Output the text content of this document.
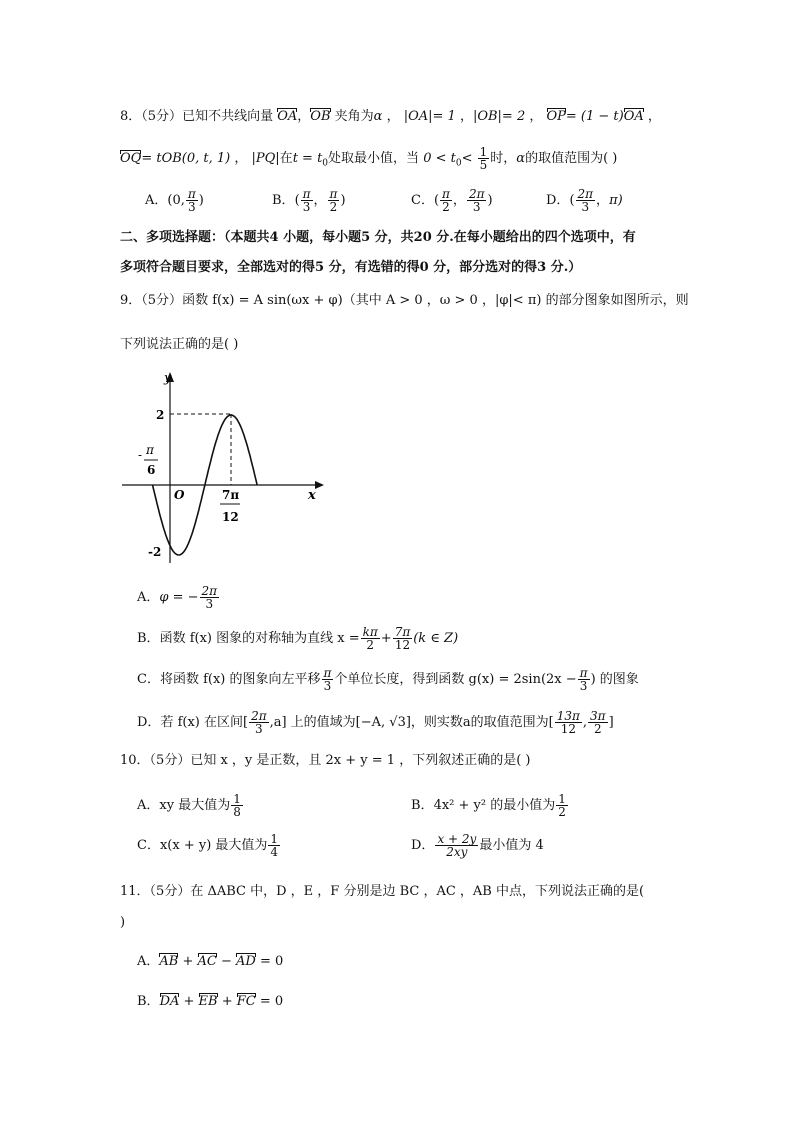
8．（5分）已知不共线向量 OA，OB 夹角为α ， |OA|= 1 ，|OB|= 2 ， OP= (1 − t)OA ，
OQ= tOB(0, t, 1) ， |PQ|在$t = t_0$处取最小值，当 $0 < t_0< \frac{1}{5}$ 时，α的取值范围为( )
A．(0, $\frac{\pi}{3}$ )	B．( $\frac{\pi}{3}$ ， $\frac{\pi}{2}$ )	C．( $\frac{\pi}{2}$ ， $\frac{2\pi}{3}$ )	D．( $\frac{2\pi}{3}$ ，π)
二、多项选择题：（本题共4 小题，每小题5 分，共20 分.在每小题给出的四个选项中，有
多项符合题目要求，全部选对的得5 分，有选错的得0 分，部分选对的得3 分.）
9．（5分）函数 f(x) = A sin(ωx + φ)（其中 A > 0 ，ω > 0 ，|φ|< π) 的部分图象如图所示，则
下列说法正确的是( )
y
x
O
2
-2
- π
6
7π
12
A．φ = − $\frac{2\pi}{3}$
B．函数 f(x) 图象的对称轴为直线 $x = \frac{k\pi}{2} + \frac{7\pi}{12} (k$ ∈ Z)
C．将函数 f(x) 的图象向左平移 $\frac{\pi}{3}$ 个单位长度，得到函数 $g(x) = 2\sin(2x - \frac{\pi}{3}$ ) 的图象
D．若 f(x) 在区间[ $\frac{2\pi}{3} ,a$] 上的值域为[−A, √3]，则实数a的取值范围为[ $\frac{13\pi}{12}$ , $\frac{3\pi}{2}$ ]
10．（5分）已知 x ，y 是正数，且 2x + y = 1 ，下列叙述正确的是( )
A．xy 最大值为 $\frac{1}{8}$	B．4x² + y² 的最小值为 $\frac{1}{2}$
C．x(x + y) 最大值为 $\frac{1}{4}$	D． $\frac{x + 2y}{2xy}$ 最小值为 4
11．（5分）在 ΔABC 中，D ，E ，F 分别是边 BC ，AC ，AB 中点，下列说法正确的是(
)
A．AB + AC − AD = 0
B．DA + EB + FC = 0
